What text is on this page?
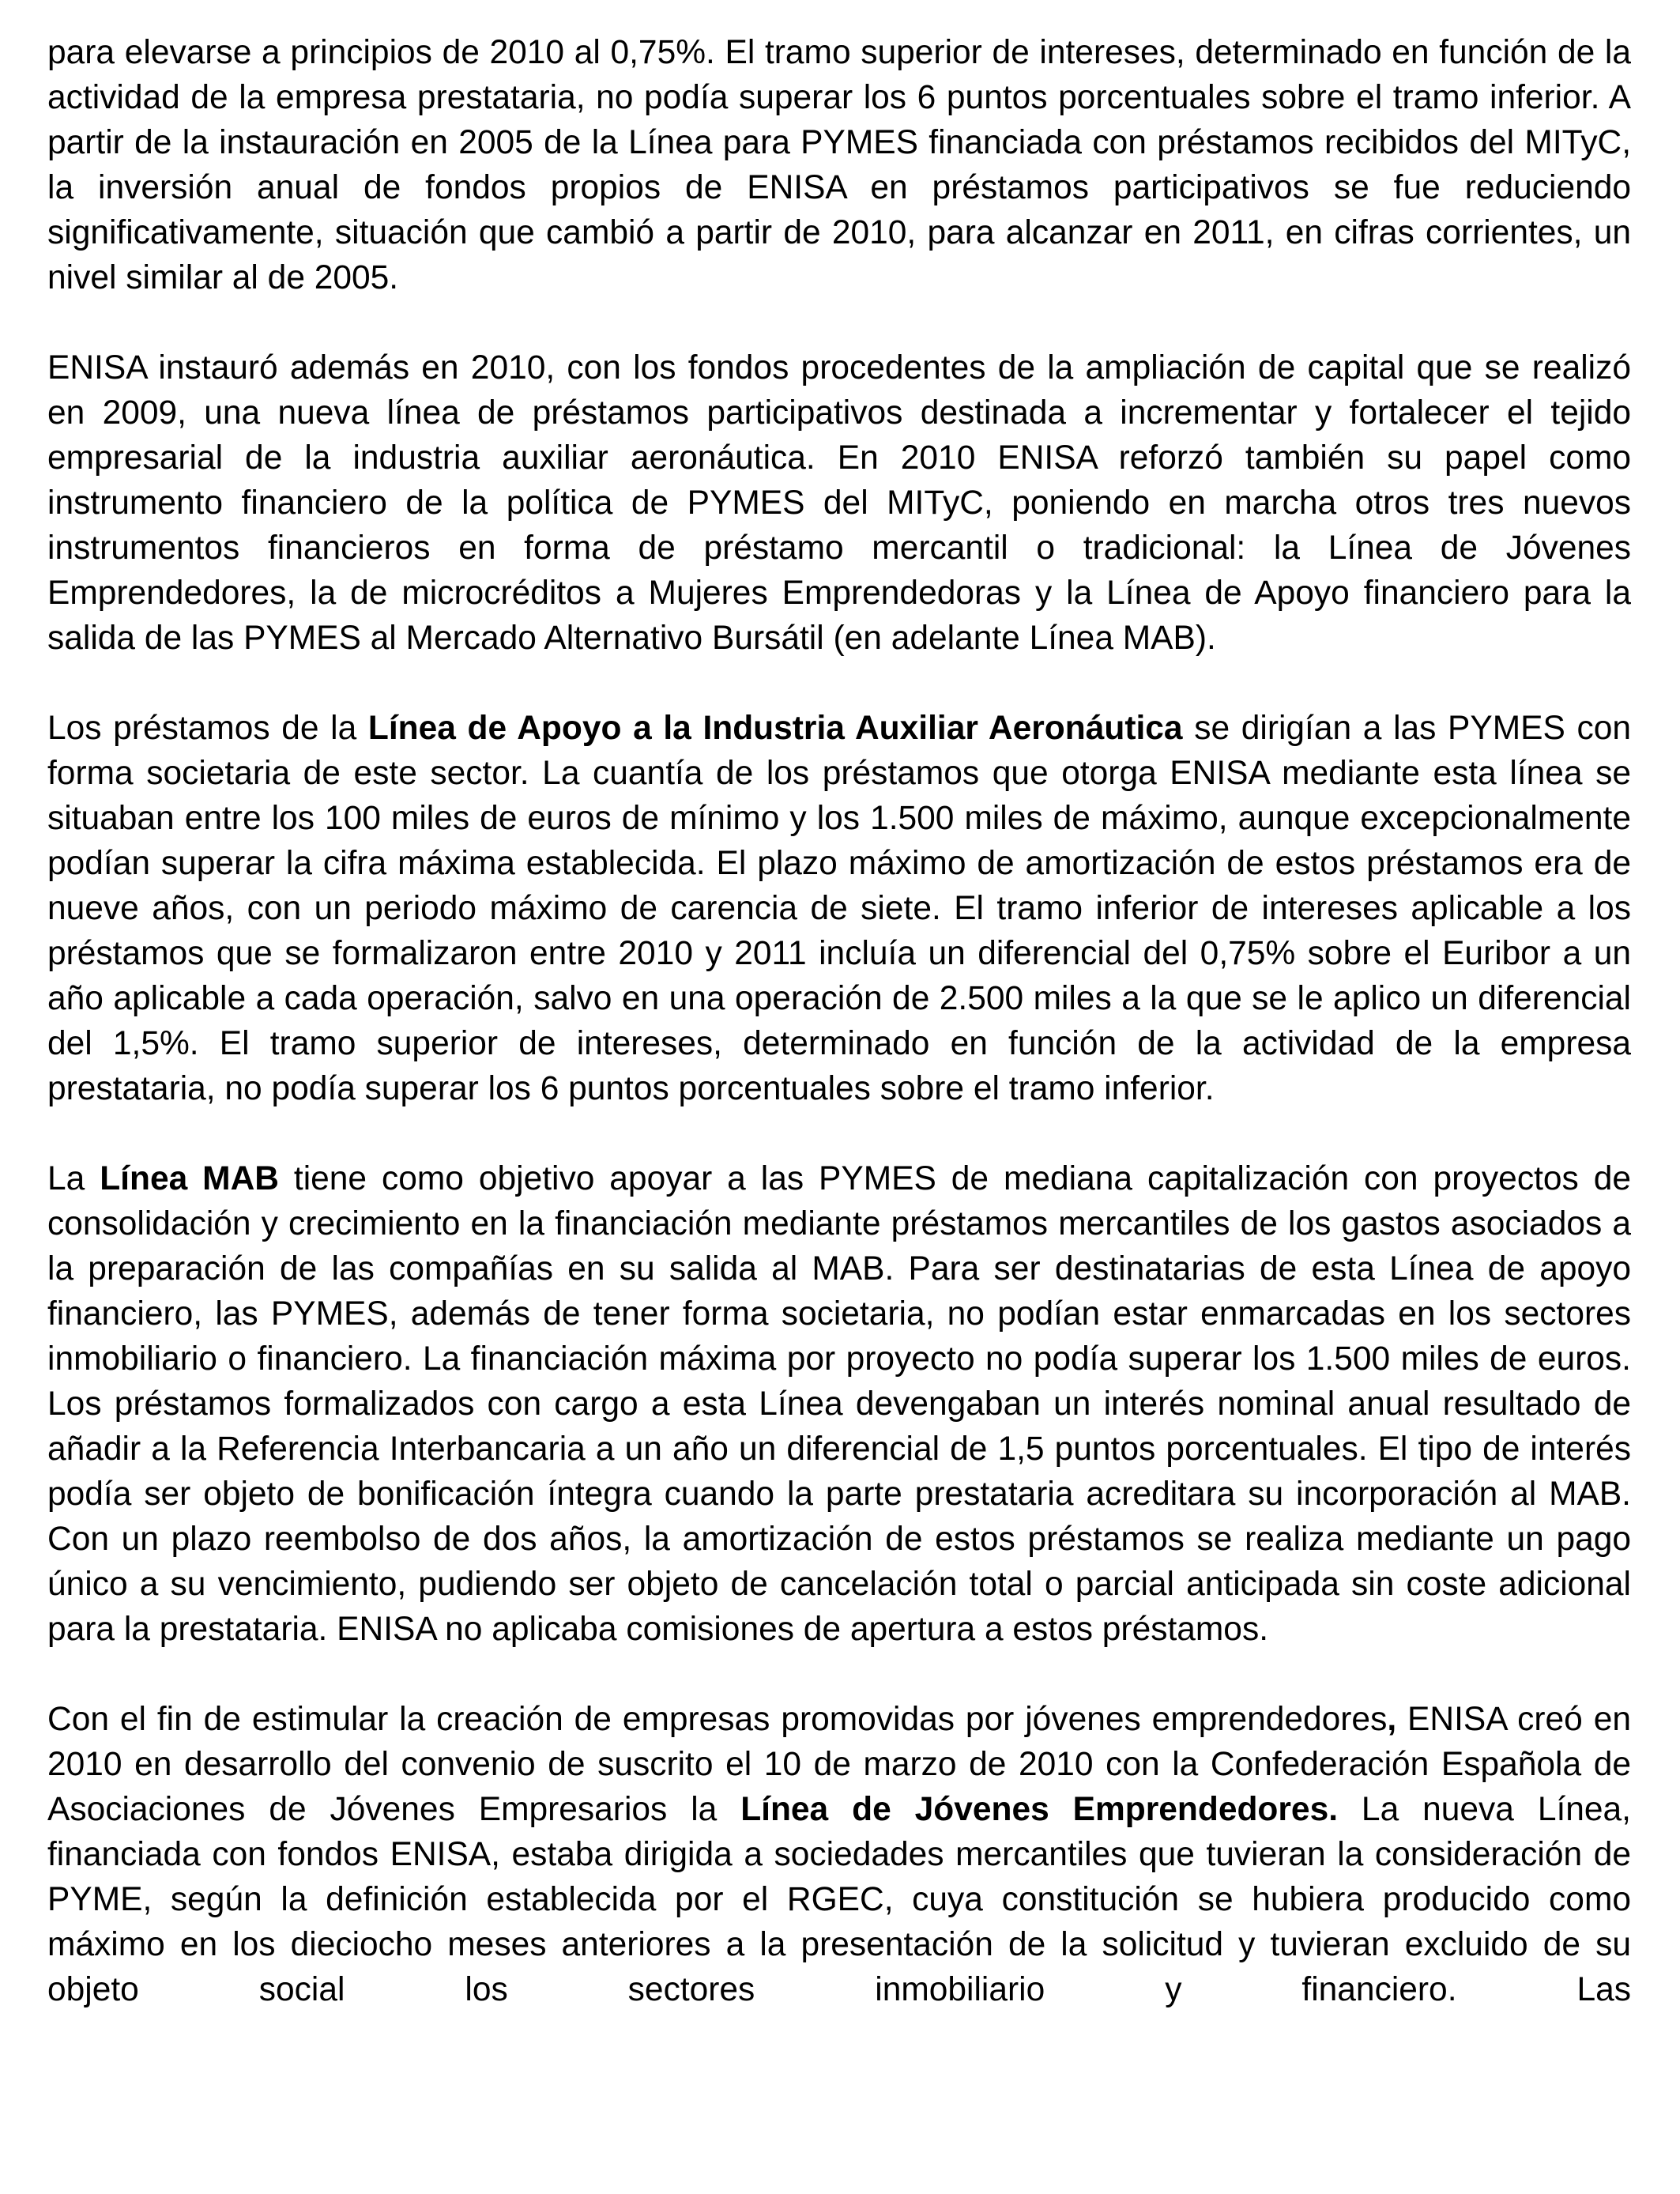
para elevarse a principios de 2010 al 0,75%. El tramo superior de intereses, determinado en función de la actividad de la empresa prestataria, no podía superar los 6 puntos porcentuales sobre el tramo inferior. A partir de la instauración en 2005 de la Línea para PYMES financiada con préstamos recibidos del MITyC, la inversión anual de fondos propios de ENISA en préstamos participativos se fue reduciendo significativamente, situación que cambió a partir de 2010, para alcanzar en 2011, en cifras corrientes, un nivel similar al de 2005.

ENISA instauró además en 2010, con los fondos procedentes de la ampliación de capital que se realizó en 2009, una nueva línea de préstamos participativos destinada a incrementar y fortalecer el tejido empresarial de la industria auxiliar aeronáutica. En 2010 ENISA reforzó también su papel como instrumento financiero de la política de PYMES del MITyC, poniendo en marcha otros tres nuevos instrumentos financieros en forma de préstamo mercantil o tradicional: la Línea de Jóvenes Emprendedores, la de microcréditos a Mujeres Emprendedoras y la Línea de Apoyo financiero para la salida de las PYMES al Mercado Alternativo Bursátil (en adelante Línea MAB).

Los préstamos de la Línea de Apoyo a la Industria Auxiliar Aeronáutica se dirigían a las PYMES con forma societaria de este sector. La cuantía de los préstamos que otorga ENISA mediante esta línea se situaban entre los 100 miles de euros de mínimo y los 1.500 miles de máximo, aunque excepcionalmente podían superar la cifra máxima establecida. El plazo máximo de amortización de estos préstamos era de nueve años, con un periodo máximo de carencia de siete. El tramo inferior de intereses aplicable a los préstamos que se formalizaron entre 2010 y 2011 incluía un diferencial del 0,75% sobre el Euribor a un año aplicable a cada operación, salvo en una operación de 2.500 miles a la que se le aplico un diferencial del 1,5%. El tramo superior de intereses, determinado en función de la actividad de la empresa prestataria, no podía superar los 6 puntos porcentuales sobre el tramo inferior.

La Línea MAB tiene como objetivo apoyar a las PYMES de mediana capitalización con proyectos de consolidación y crecimiento en la financiación mediante préstamos mercantiles de los gastos asociados a la preparación de las compañías en su salida al MAB. Para ser destinatarias de esta Línea de apoyo financiero, las PYMES, además de tener forma societaria, no podían estar enmarcadas en los sectores inmobiliario o financiero. La financiación máxima por proyecto no podía superar los 1.500 miles de euros. Los préstamos formalizados con cargo a esta Línea devengaban un interés nominal anual resultado de añadir a la Referencia Interbancaria a un año un diferencial de 1,5 puntos porcentuales. El tipo de interés podía ser objeto de bonificación íntegra cuando la parte prestataria acreditara su incorporación al MAB. Con un plazo reembolso de dos años, la amortización de estos préstamos se realiza mediante un pago único a su vencimiento, pudiendo ser objeto de cancelación total o parcial anticipada sin coste adicional para la prestataria. ENISA no aplicaba comisiones de apertura a estos préstamos.

Con el fin de estimular la creación de empresas promovidas por jóvenes emprendedores, ENISA creó en 2010 en desarrollo del convenio de suscrito el 10 de marzo de 2010 con la Confederación Española de Asociaciones de Jóvenes Empresarios la Línea de Jóvenes Emprendedores. La nueva Línea, financiada con fondos ENISA, estaba dirigida a sociedades mercantiles que tuvieran la consideración de PYME, según la definición establecida por el RGEC, cuya constitución se hubiera producido como máximo en los dieciocho meses anteriores a la presentación de la solicitud y tuvieran excluido de su objeto social los sectores inmobiliario y financiero. Las
